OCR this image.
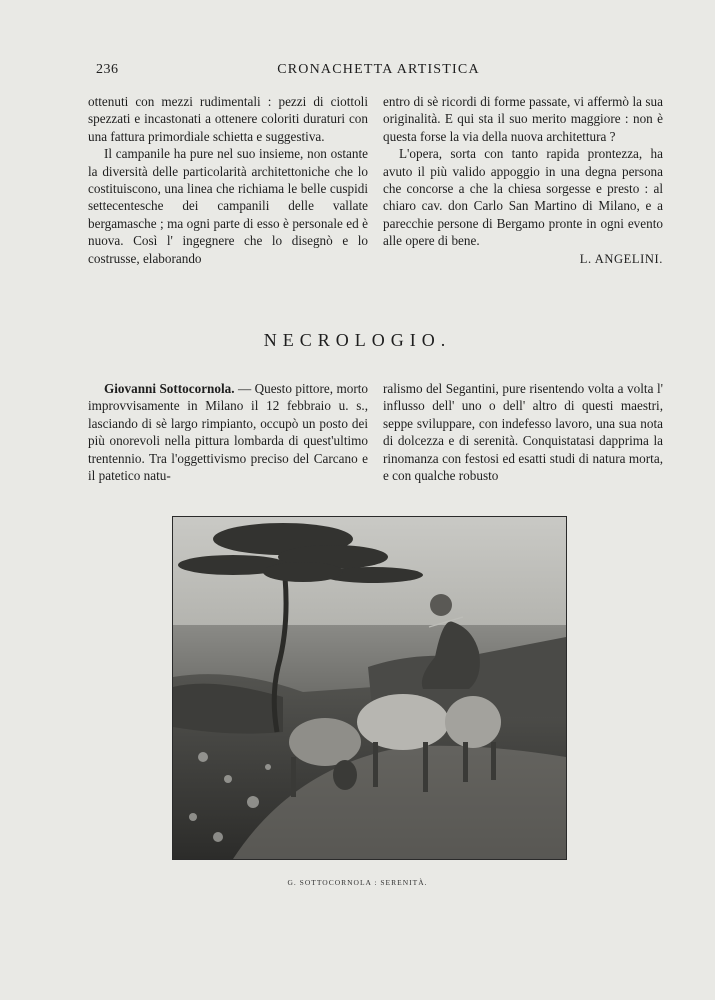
236	CRONACHETTA ARTISTICA

ottenuti con mezzi rudimentali : pezzi di ciottoli spezzati e incastonati a ottenere coloriti duraturi con una fattura primordiale schietta e suggestiva.

Il campanile ha pure nel suo insieme, non ostante la diversità delle particolarità architettoniche che lo costituiscono, una linea che richiama le belle cuspidi settecentesche dei campanili delle vallate bergamasche ; ma ogni parte di esso è personale ed è nuova. Così l' ingegnere che lo disegnò e lo costrusse, elaborando

entro di sè ricordi di forme passate, vi affermò la sua originalità. E qui sta il suo merito maggiore : non è questa forse la via della nuova architettura ?

L'opera, sorta con tanto rapida prontezza, ha avuto il più valido appoggio in una degna persona che concorse a che la chiesa sorgesse e presto : al chiaro cav. don Carlo San Martino di Milano, e a parecchie persone di Bergamo pronte in ogni evento alle opere di bene.

L. ANGELINI.
NECROLOGIO.

Giovanni Sottocornola. — Questo pittore, morto improvvisamente in Milano il 12 febbraio u. s., lasciando di sè largo rimpianto, occupò un posto dei più onorevoli nella pittura lombarda di quest'ultimo trentennio. Tra l'oggettivismo preciso del Carcano e il patetico natu-

ralismo del Segantini, pure risentendo volta a volta l' influsso dell' uno o dell' altro di questi maestri, seppe svilupparе, con indefesso lavoro, una sua nota di dolcezza e di serenità. Conquistatasi dapprima la rinomanza con festosi ed esatti studi di natura morta, e con qualche robusto

G. SOTTOCORNOLA : SERENITÀ.
